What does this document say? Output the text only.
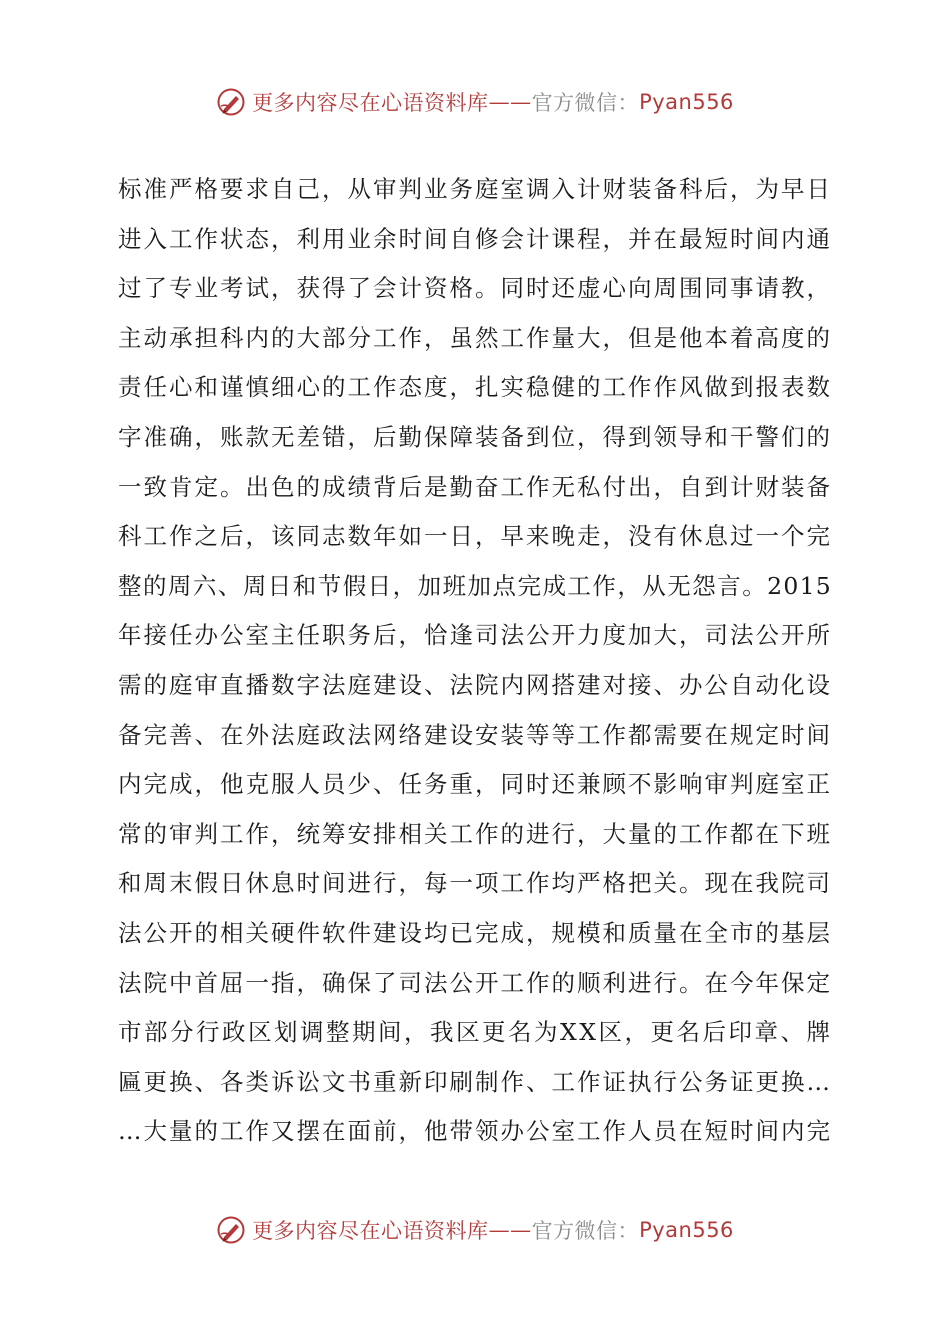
更多内容尽在心语资料库 —— 官方微信： Pyan556
标准严格要求自己，从审判业务庭室调入计财装备科后，为早日
进入工作状态，利用业余时间自修会计课程，并在最短时间内通
过了专业考试，获得了会计资格。同时还虚心向周围同事请教，
主动承担科内的大部分工作，虽然工作量大，但是他本着高度的
责任心和谨慎细心的工作态度，扎实稳健的工作作风做到报表数
字准确，账款无差错，后勤保障装备到位，得到领导和干警们的
一致肯定。出色的成绩背后是勤奋工作无私付出，自到计财装备
科工作之后，该同志数年如一日，早来晚走，没有休息过一个完
整的周六、周日和节假日，加班加点完成工作，从无怨言。2015
年接任办公室主任职务后，恰逢司法公开力度加大，司法公开所
需的庭审直播数字法庭建设、法院内网搭建对接、办公自动化设
备完善、在外法庭政法网络建设安装等等工作都需要在规定时间
内完成，他克服人员少、任务重，同时还兼顾不影响审判庭室正
常的审判工作，统筹安排相关工作的进行，大量的工作都在下班
和周末假日休息时间进行，每一项工作均严格把关。现在我院司
法公开的相关硬件软件建设均已完成，规模和质量在全市的基层
法院中首屈一指，确保了司法公开工作的顺利进行。在今年保定
市部分行政区划调整期间，我区更名为XX区，更名后印章、牌
匾更换、各类诉讼文书重新印刷制作、工作证执行公务证更换…
…大量的工作又摆在面前，他带领办公室工作人员在短时间内完
更多内容尽在心语资料库 —— 官方微信： Pyan556
